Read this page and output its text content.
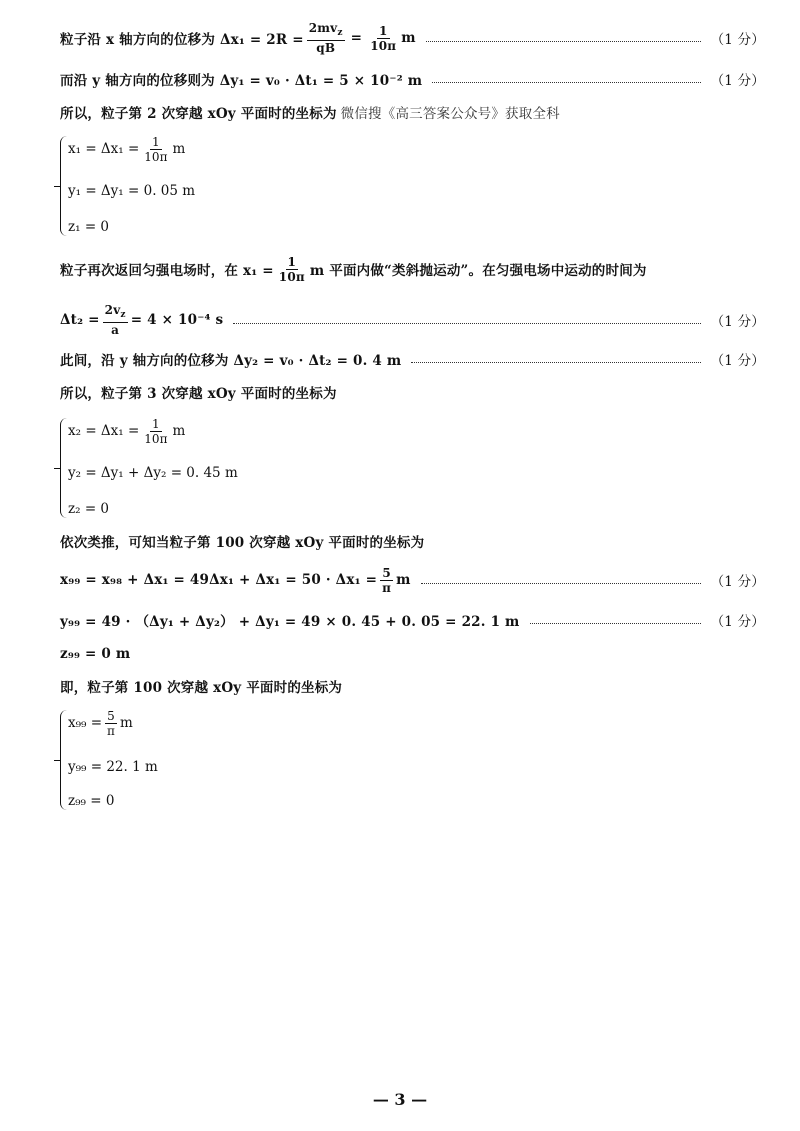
粒子沿 x 轴方向的位移为 $\Delta x_1 = 2R = \frac{2mv_z}{qB} = \frac{1}{10\pi}$ m	（1 分）
而沿 y 轴方向的位移则为 Δy₁ = v₀ · Δt₁ = 5 × 10⁻² m	（1 分）
所以，粒子第 2 次穿越 xOy 平面时的坐标为 微信搜《高三答案公众号》获取全科
$x_1 = \Delta x_1 = \frac{1}{10\pi}$ m
y₁ = Δy₁ = 0. 05 m
z₁ = 0
粒子再次返回匀强电场时，在 $x_1 = \frac{1}{10\pi}$ m 平面内做“类斜抛运动”。在匀强电场中运动的时间为
$\Delta t_2 = \frac{2v_z}{a} = 4 \times 10^{-4}$ s	（1 分）
此间，沿 y 轴方向的位移为 Δy₂ = v₀ · Δt₂ = 0. 4 m	（1 分）
所以，粒子第 3 次穿越 xOy 平面时的坐标为
$x_2 = \Delta x_1 = \frac{1}{10\pi}$ m
y₂ = Δy₁ + Δy₂ = 0. 45 m
z₂ = 0
依次类推，可知当粒子第 100 次穿越 xOy 平面时的坐标为
$x_{99} = x_{98} + \Delta x_1 = 49\Delta x_1 + \Delta x_1 = 50 \cdot \Delta x_1 = \frac{5}{\pi}$ m	（1 分）
y₉₉ = 49 · （Δy₁ + Δy₂） + Δy₁ = 49 × 0. 45 + 0. 05 = 22. 1 m	（1 分）
z₉₉ = 0 m
即，粒子第 100 次穿越 xOy 平面时的坐标为
$x_{99} = \frac{5}{\pi}$ m
y₉₉ = 22. 1 m
z₉₉ = 0
— 3 —
